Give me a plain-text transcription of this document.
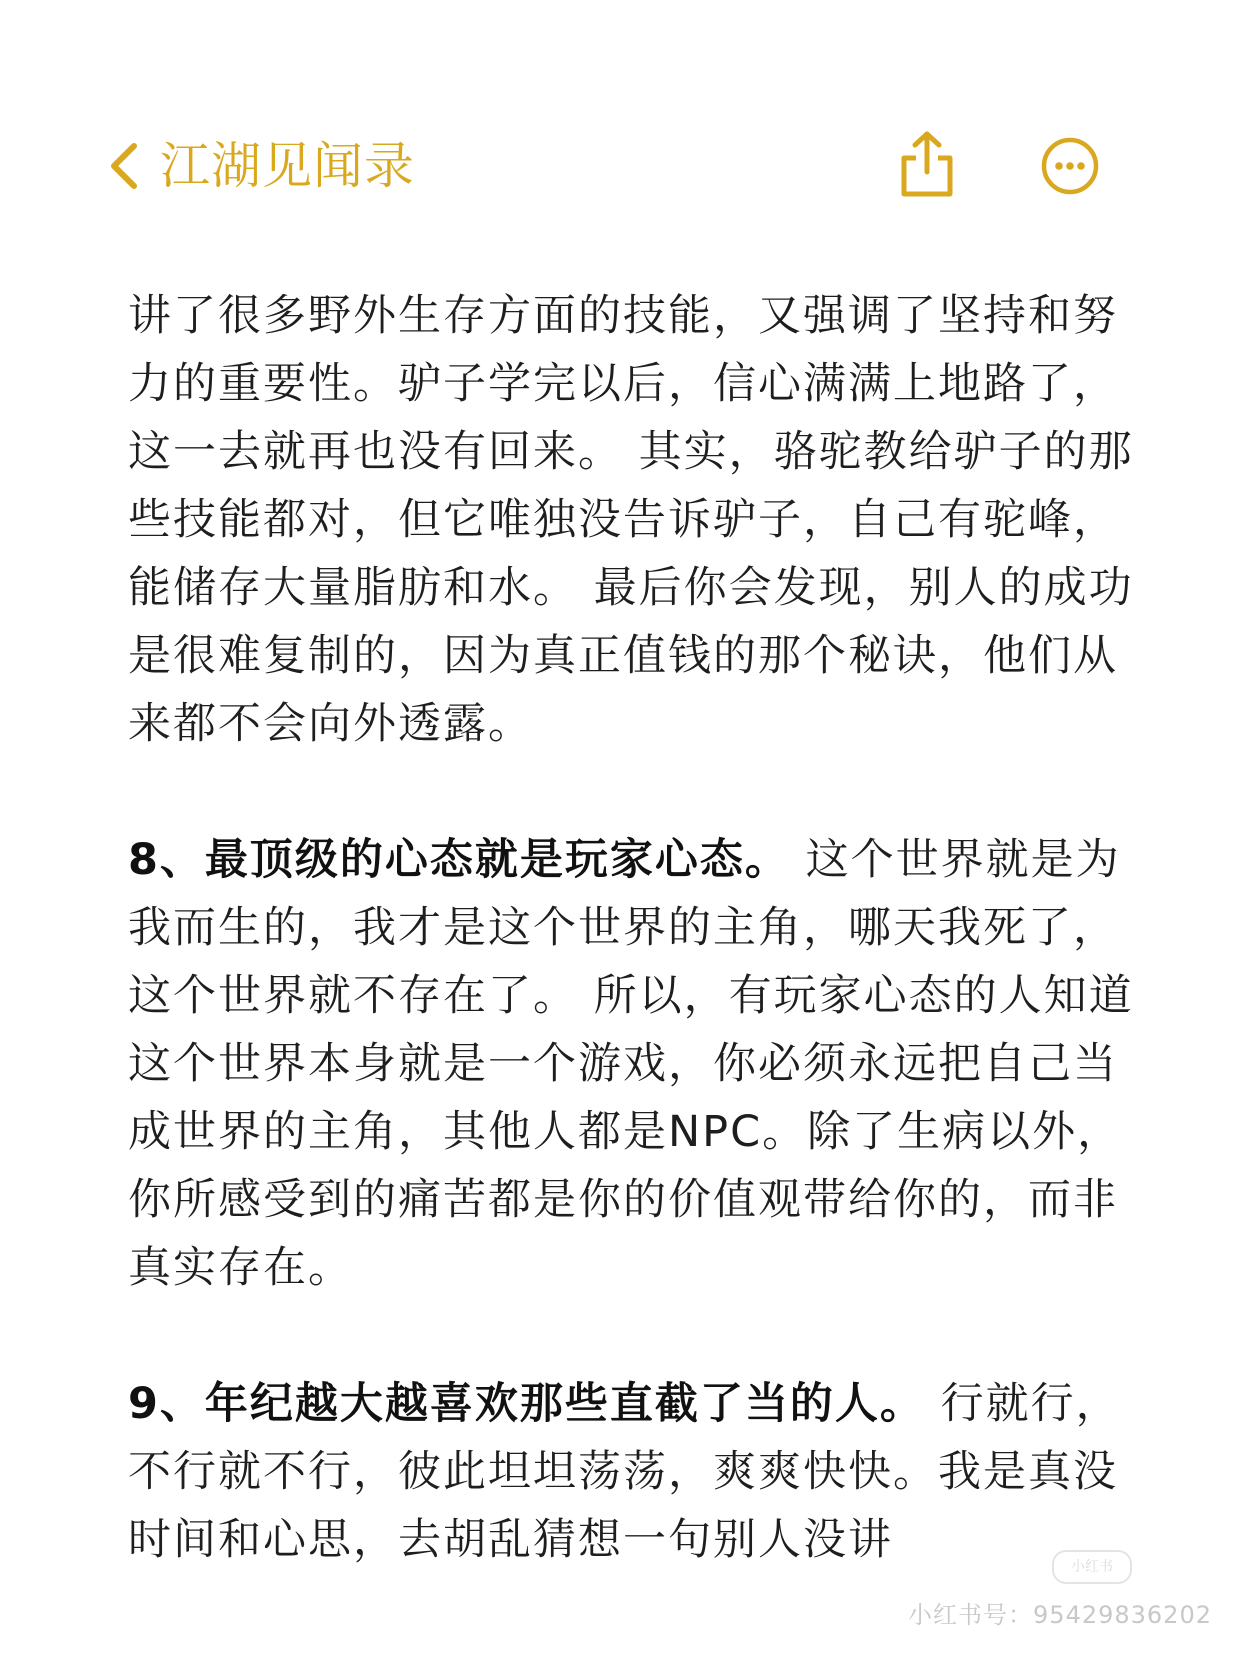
江湖见闻录

讲了很多野外生存方面的技能，又强调了坚持和努力的重要性。驴子学完以后，信心满满上地路了，这一去就再也没有回来。 其实，骆驼教给驴子的那些技能都对，但它唯独没告诉驴子，自己有驼峰，能储存大量脂肪和水。 最后你会发现，别人的成功是很难复制的，因为真正值钱的那个秘诀，他们从来都不会向外透露。

8、最顶级的心态就是玩家心态。 这个世界就是为我而生的，我才是这个世界的主角，哪天我死了，这个世界就不存在了。 所以，有玩家心态的人知道这个世界本身就是一个游戏，你必须永远把自己当成世界的主角，其他人都是NPC。除了生病以外，你所感受到的痛苦都是你的价值观带给你的，而非真实存在。

9、年纪越大越喜欢那些直截了当的人。 行就行，不行就不行，彼此坦坦荡荡，爽爽快快。我是真没时间和心思，去胡乱猜想一句别人没讲

小红书
小红书号：95429836202
